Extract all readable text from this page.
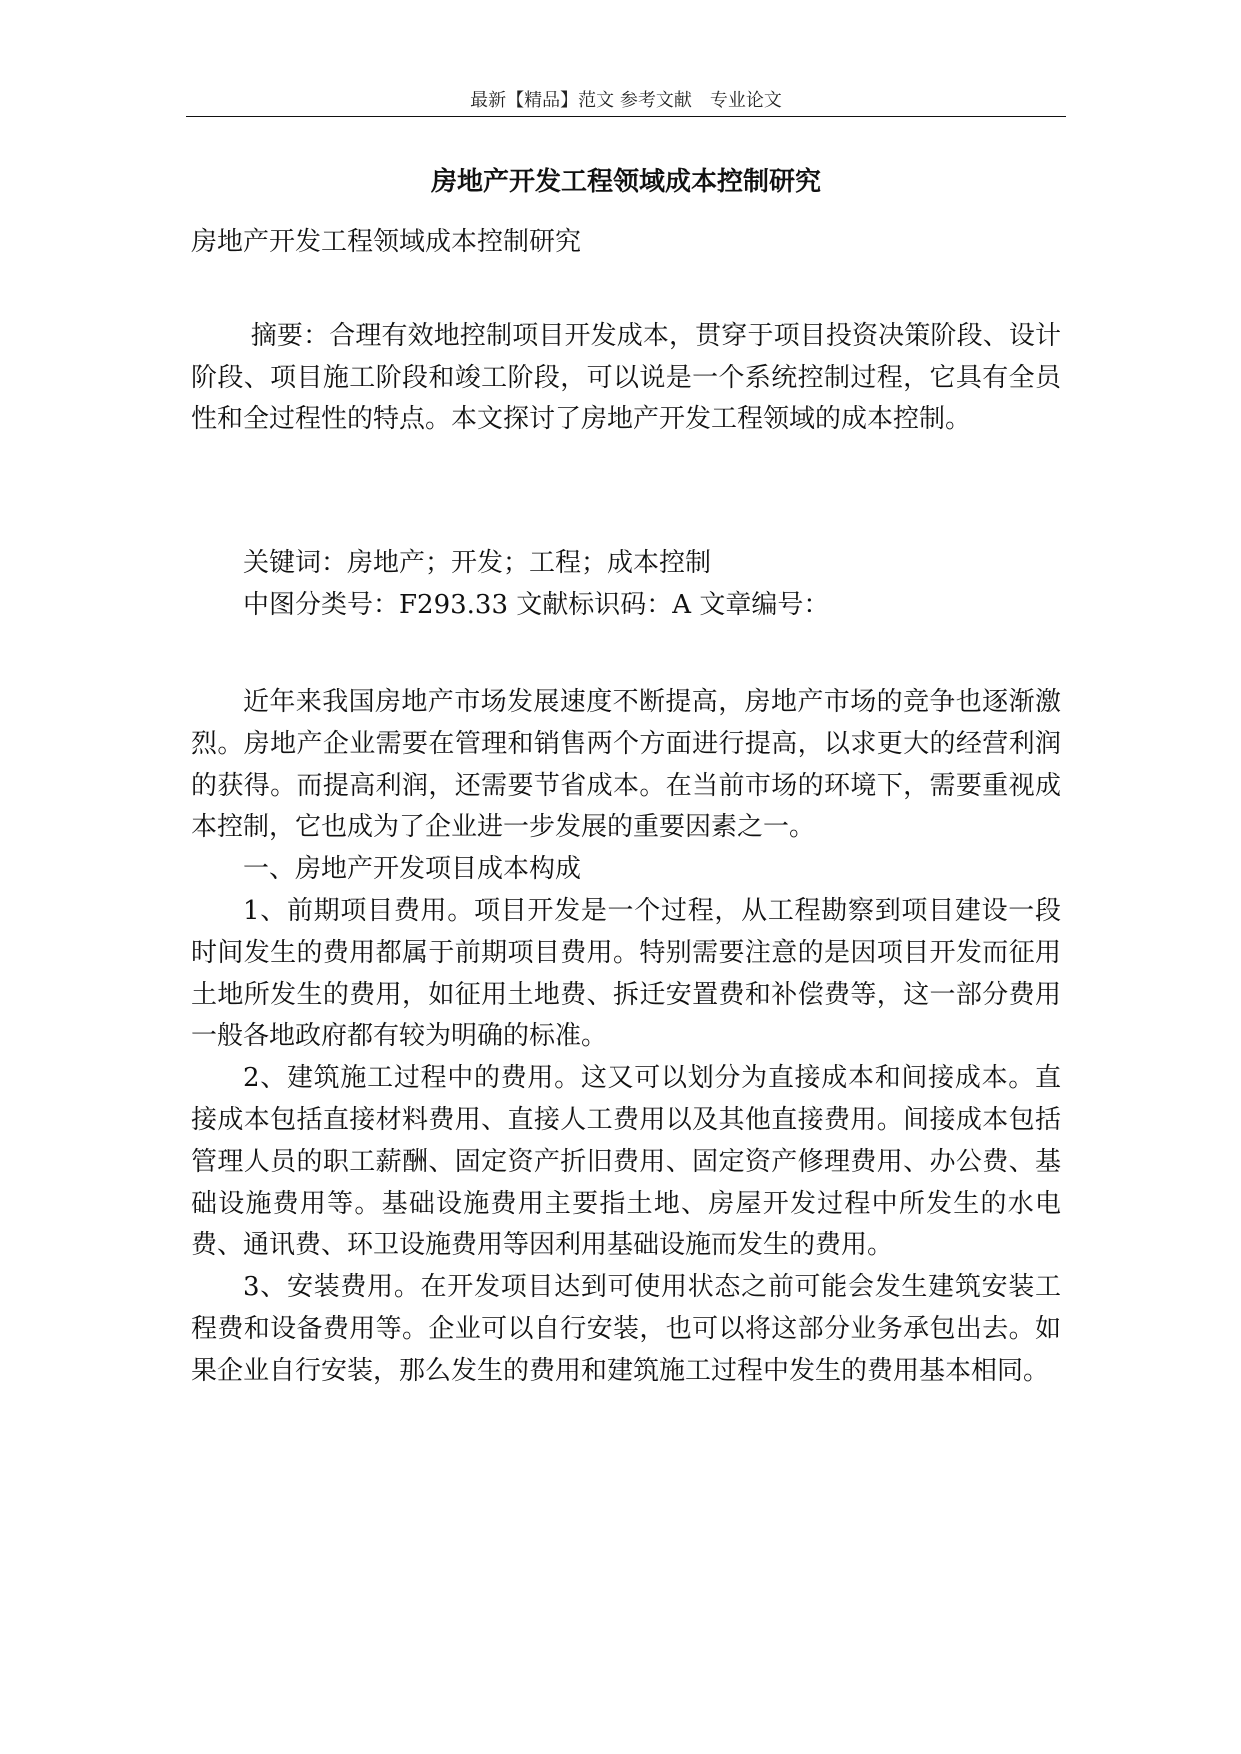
最新【精品】范文 参考文献　专业论文
房地产开发工程领域成本控制研究
房地产开发工程领域成本控制研究

摘要：合理有效地控制项目开发成本，贯穿于项目投资决策阶段、设计阶段、项目施工阶段和竣工阶段，可以说是一个系统控制过程，它具有全员性和全过程性的特点。本文探讨了房地产开发工程领域的成本控制。

关键词：房地产；开发；工程；成本控制

中图分类号：F293.33 文献标识码：A 文章编号：

近年来我国房地产市场发展速度不断提高，房地产市场的竞争也逐渐激烈。房地产企业需要在管理和销售两个方面进行提高，以求更大的经营利润的获得。而提高利润，还需要节省成本。在当前市场的环境下，需要重视成本控制，它也成为了企业进一步发展的重要因素之一。

一、房地产开发项目成本构成

1、前期项目费用。项目开发是一个过程，从工程勘察到项目建设一段时间发生的费用都属于前期项目费用。特别需要注意的是因项目开发而征用土地所发生的费用，如征用土地费、拆迁安置费和补偿费等，这一部分费用一般各地政府都有较为明确的标准。

2、建筑施工过程中的费用。这又可以划分为直接成本和间接成本。直接成本包括直接材料费用、直接人工费用以及其他直接费用。间接成本包括管理人员的职工薪酬、固定资产折旧费用、固定资产修理费用、办公费、基础设施费用等。基础设施费用主要指土地、房屋开发过程中所发生的水电费、通讯费、环卫设施费用等因利用基础设施而发生的费用。

3、安装费用。在开发项目达到可使用状态之前可能会发生建筑安装工程费和设备费用等。企业可以自行安装，也可以将这部分业务承包出去。如果企业自行安装，那么发生的费用和建筑施工过程中发生的费用基本相同。
